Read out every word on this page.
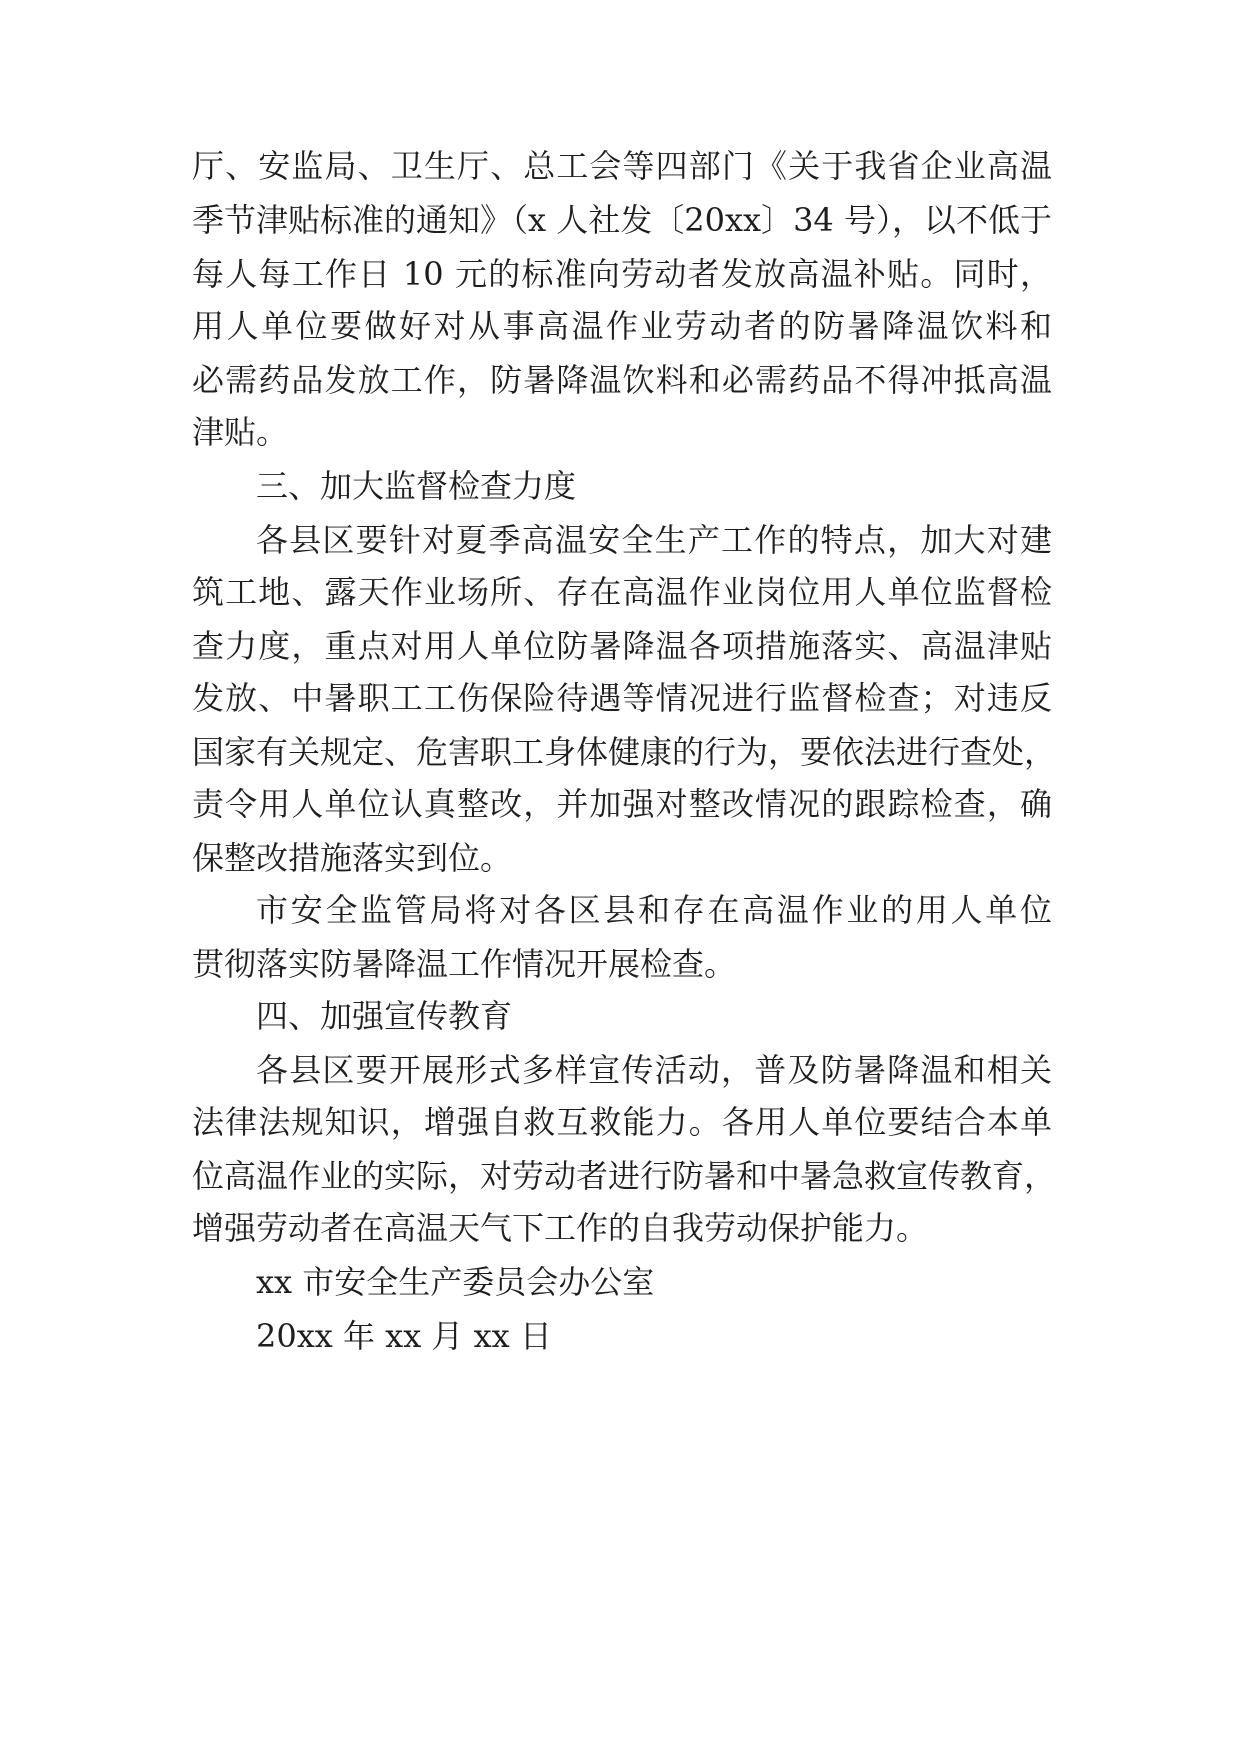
厅、安监局、卫生厅、总工会等四部门《关于我省企业高温
季节津贴标准的通知》（x 人社发〔20xx〕34 号），以不低于
每人每工作日 10 元的标准向劳动者发放高温补贴。同时，
用人单位要做好对从事高温作业劳动者的防暑降温饮料和
必需药品发放工作，防暑降温饮料和必需药品不得冲抵高温
津贴。
三、加大监督检查力度
各县区要针对夏季高温安全生产工作的特点，加大对建
筑工地、露天作业场所、存在高温作业岗位用人单位监督检
查力度，重点对用人单位防暑降温各项措施落实、高温津贴
发放、中暑职工工伤保险待遇等情况进行监督检查；对违反
国家有关规定、危害职工身体健康的行为，要依法进行查处，
责令用人单位认真整改，并加强对整改情况的跟踪检查，确
保整改措施落实到位。
市安全监管局将对各区县和存在高温作业的用人单位
贯彻落实防暑降温工作情况开展检查。
四、加强宣传教育
各县区要开展形式多样宣传活动，普及防暑降温和相关
法律法规知识，增强自救互救能力。各用人单位要结合本单
位高温作业的实际，对劳动者进行防暑和中暑急救宣传教育，
增强劳动者在高温天气下工作的自我劳动保护能力。
xx 市安全生产委员会办公室
20xx 年 xx 月 xx 日
